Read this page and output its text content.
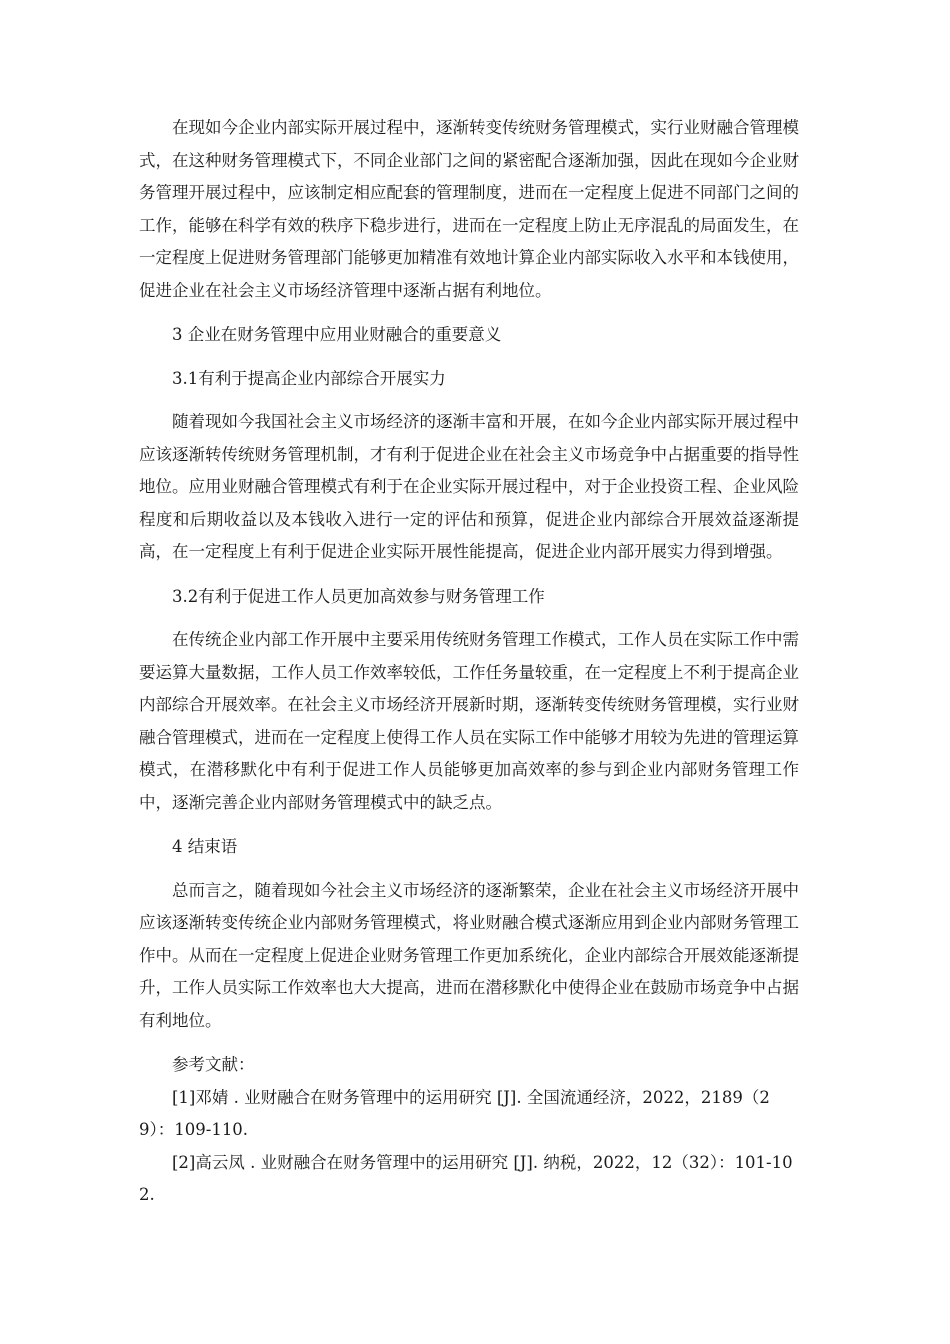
在现如今企业内部实际开展过程中，逐渐转变传统财务管理模式，实行业财融合管理模式，在这种财务管理模式下，不同企业部门之间的紧密配合逐渐加强，因此在现如今企业财务管理开展过程中，应该制定相应配套的管理制度，进而在一定程度上促进不同部门之间的工作，能够在科学有效的秩序下稳步进行，进而在一定程度上防止无序混乱的局面发生，在一定程度上促进财务管理部门能够更加精准有效地计算企业内部实际收入水平和本钱使用，促进企业在社会主义市场经济管理中逐渐占据有利地位。

3 企业在财务管理中应用业财融合的重要意义

3.1有利于提高企业内部综合开展实力

随着现如今我国社会主义市场经济的逐渐丰富和开展，在如今企业内部实际开展过程中应该逐渐转传统财务管理机制，才有利于促进企业在社会主义市场竞争中占据重要的指导性地位。应用业财融合管理模式有利于在企业实际开展过程中，对于企业投资工程、企业风险程度和后期收益以及本钱收入进行一定的评估和预算，促进企业内部综合开展效益逐渐提高，在一定程度上有利于促进企业实际开展性能提高，促进企业内部开展实力得到增强。

3.2有利于促进工作人员更加高效参与财务管理工作

在传统企业内部工作开展中主要采用传统财务管理工作模式，工作人员在实际工作中需要运算大量数据，工作人员工作效率较低，工作任务量较重，在一定程度上不利于提高企业内部综合开展效率。在社会主义市场经济开展新时期，逐渐转变传统财务管理模，实行业财融合管理模式，进而在一定程度上使得工作人员在实际工作中能够才用较为先进的管理运算模式，在潜移默化中有利于促进工作人员能够更加高效率的参与到企业内部财务管理工作中，逐渐完善企业内部财务管理模式中的缺乏点。

4 结束语

总而言之，随着现如今社会主义市场经济的逐渐繁荣，企业在社会主义市场经济开展中应该逐渐转变传统企业内部财务管理模式，将业财融合模式逐渐应用到企业内部财务管理工作中。从而在一定程度上促进企业财务管理工作更加系统化，企业内部综合开展效能逐渐提升，工作人员实际工作效率也大大提高，进而在潜移默化中使得企业在鼓励市场竞争中占据有利地位。

参考文献：

[1]邓婧 . 业财融合在财务管理中的运用研究 [J]. 全国流通经济，2022，2189（29）：109-110.

[2]高云凤 . 业财融合在财务管理中的运用研究 [J]. 纳税，2022，12（32）：101-102.
